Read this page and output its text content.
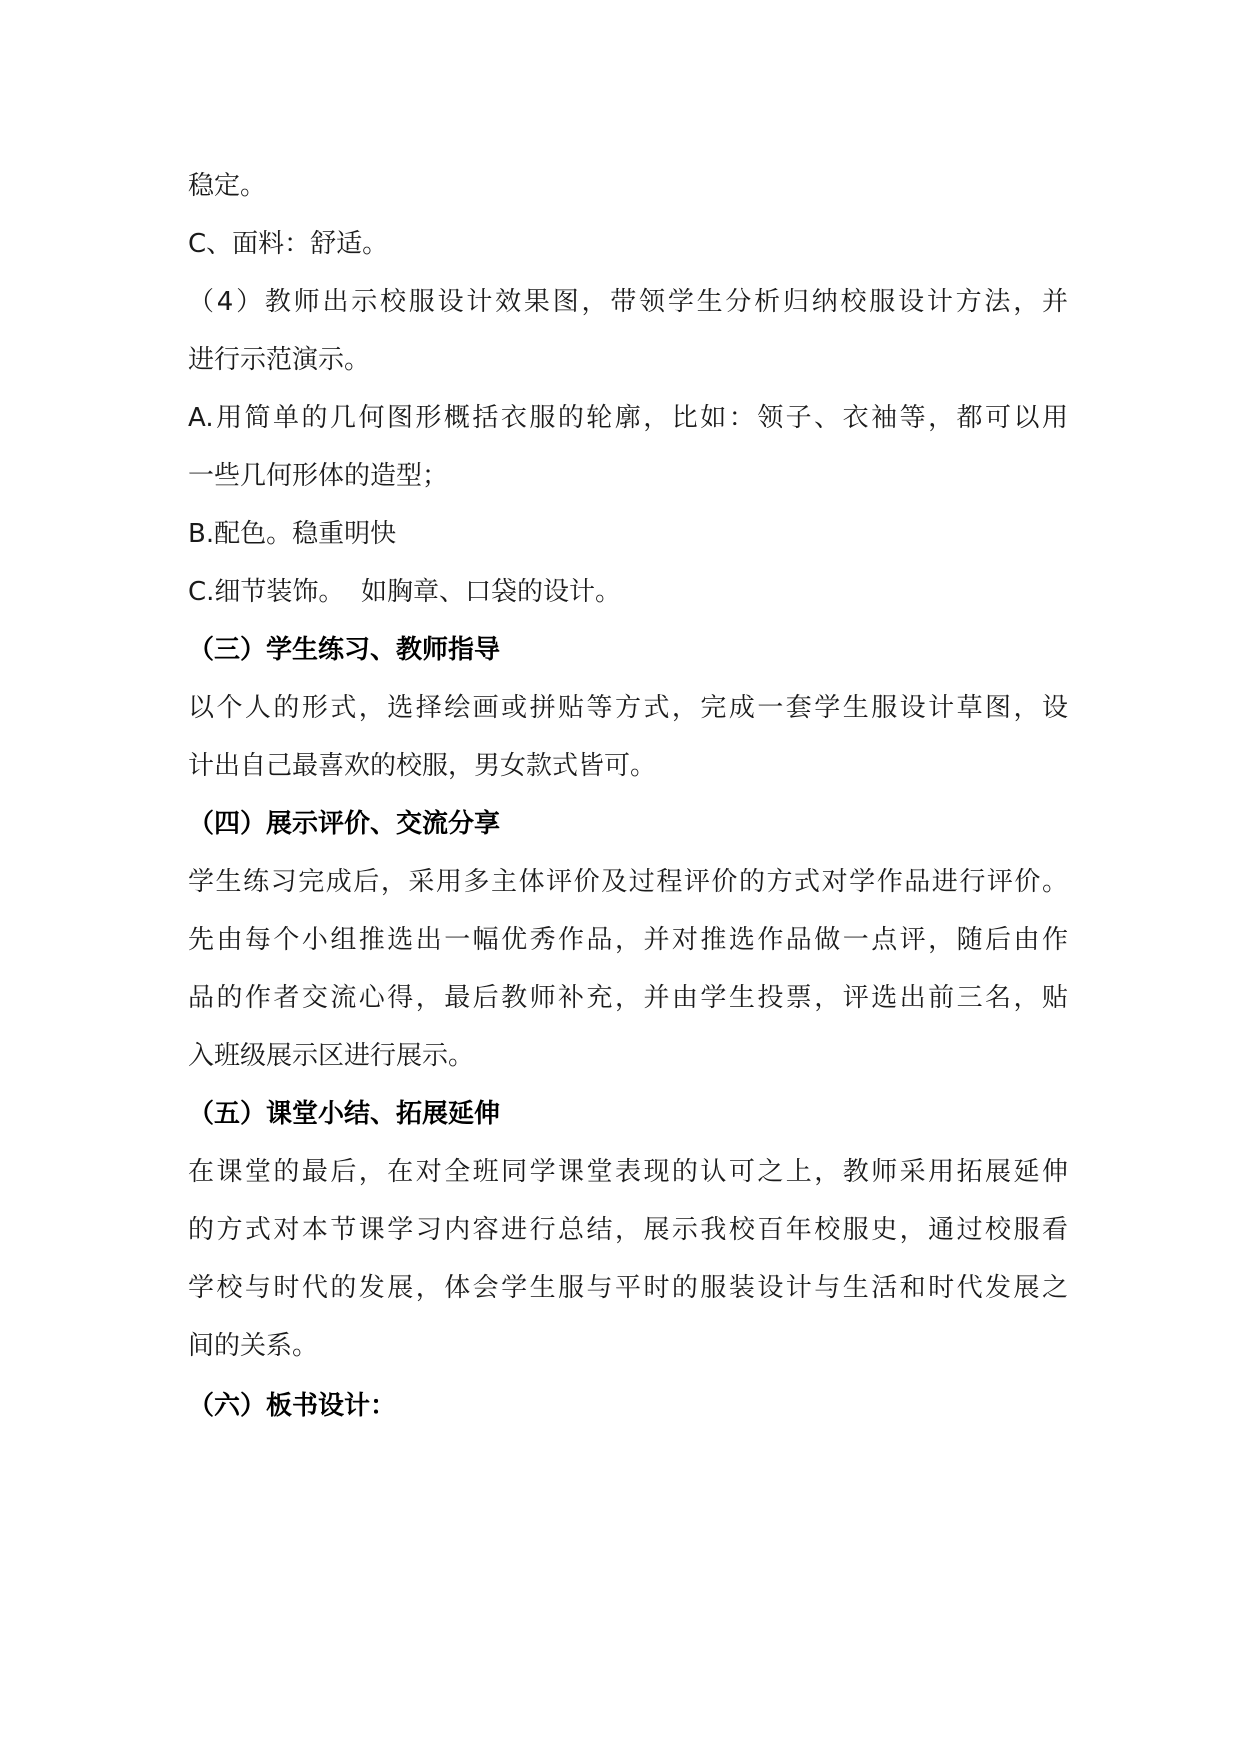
稳定。
C、面料：舒适。
（4）教师出示校服设计效果图，带领学生分析归纳校服设计方法，并
进行示范演示。
A.用简单的几何图形概括衣服的轮廓，比如：领子、衣袖等，都可以用
一些几何形体的造型；
B.配色。稳重明快
C.细节装饰。  如胸章、口袋的设计。
（三）学生练习、教师指导
以个人的形式，选择绘画或拼贴等方式，完成一套学生服设计草图，设
计出自己最喜欢的校服，男女款式皆可。
（四）展示评价、交流分享
学生练习完成后，采用多主体评价及过程评价的方式对学作品进行评价。
先由每个小组推选出一幅优秀作品，并对推选作品做一点评，随后由作
品的作者交流心得，最后教师补充，并由学生投票，评选出前三名，贴
入班级展示区进行展示。
（五）课堂小结、拓展延伸
在课堂的最后，在对全班同学课堂表现的认可之上，教师采用拓展延伸
的方式对本节课学习内容进行总结，展示我校百年校服史，通过校服看
学校与时代的发展，体会学生服与平时的服装设计与生活和时代发展之
间的关系。
（六）板书设计：
